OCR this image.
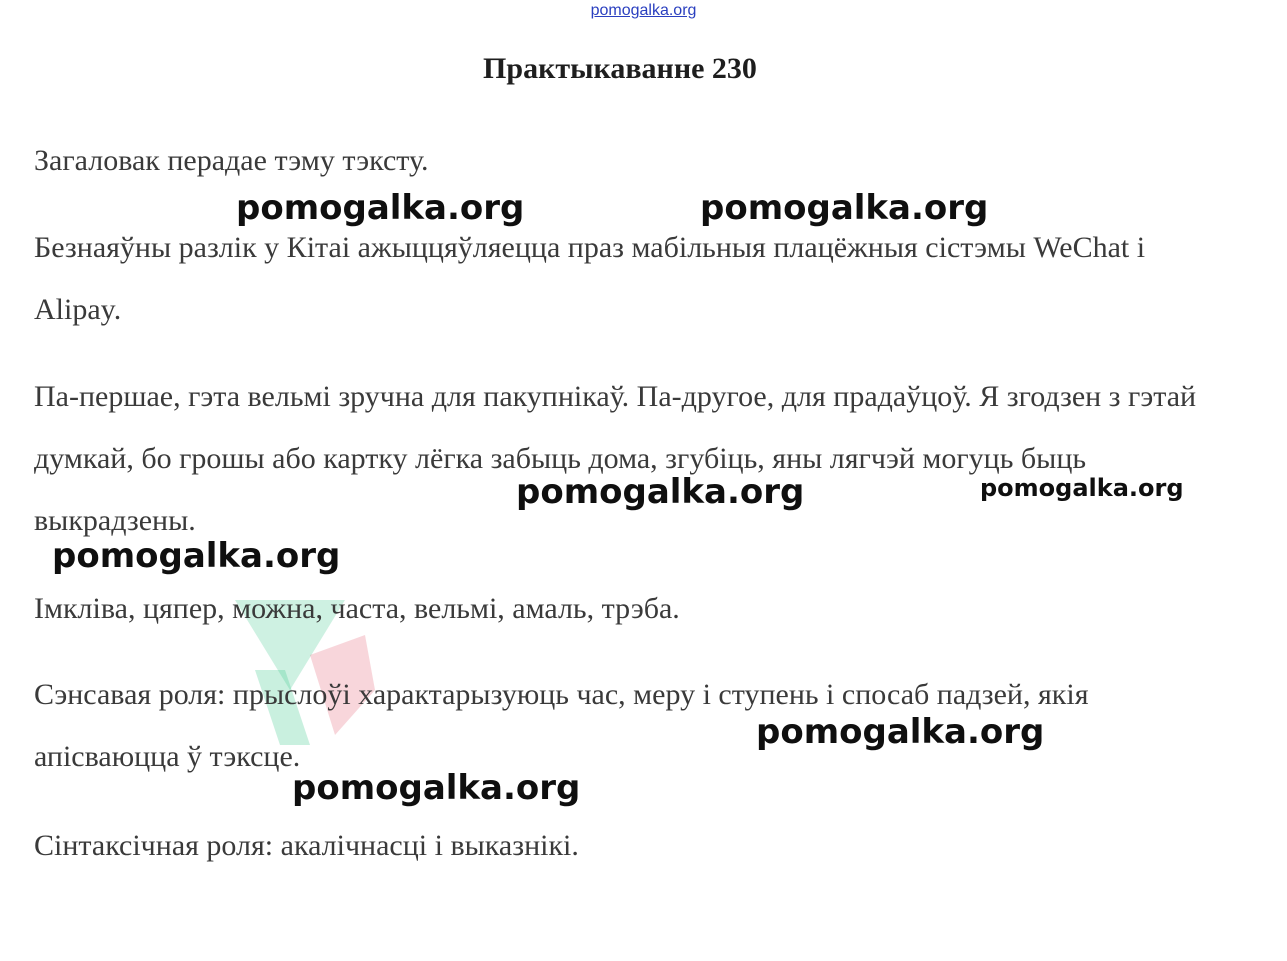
pomogalka.org
Практыкаванне 230

Загаловак перадае тэму тэксту.

Безнаяўны разлік у Кітаі ажыццяўляецца праз мабільныя плацёжныя сістэмы WeChat і Alipay.

Па-першае, гэта вельмі зручна для пакупнікаў. Па-другое, для прадаўцоў. Я згодзен з гэтай думкай, бо грошы або картку лёгка забыць дома, згубіць, яны лягчэй могуць быць выкрадзены.

Імкліва, цяпер, можна, часта, вельмі, амаль, трэба.

Сэнсавая роля: прыслоўі характарызуюць час, меру і ступень і спосаб падзей, якія апісваюцца ў тэксце.

Сінтаксічная роля: акалічнасці і выказнікі.

pomogalka.org	pomogalka.org
pomogalka.org	pomogalka.org
pomogalka.org
pomogalka.org
pomogalka.org
